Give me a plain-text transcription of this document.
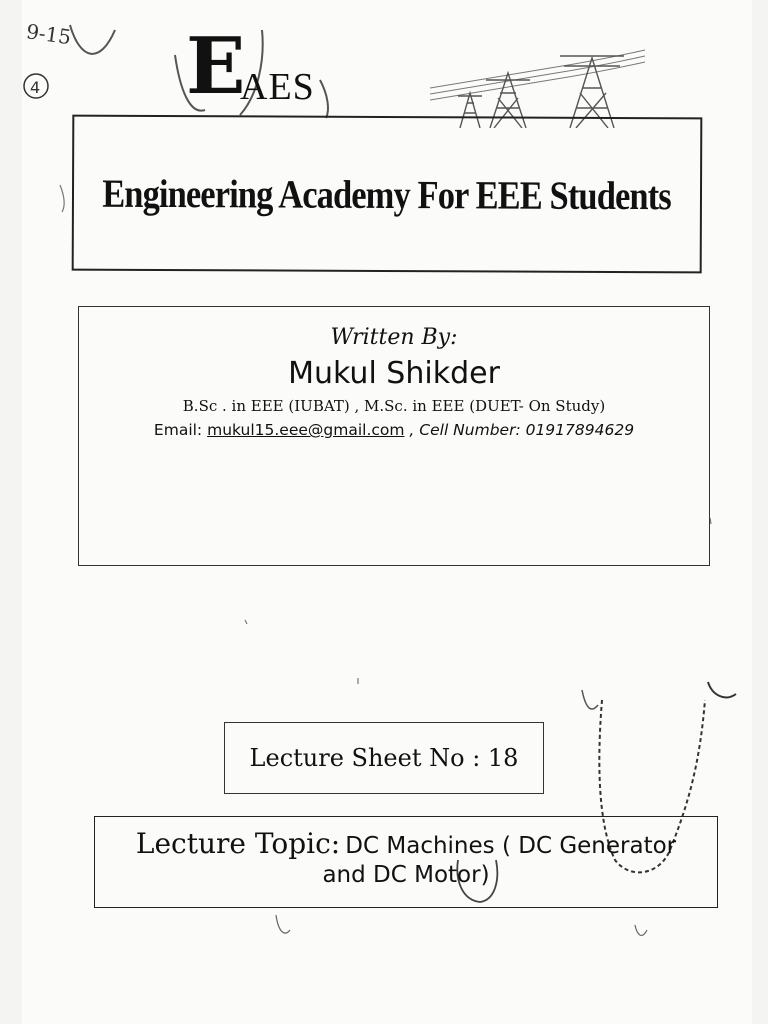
9-15
4 E
AES
Engineering Academy For EEE Students
Written By:
Mukul Shikder
B.Sc . in EEE (IUBAT) , M.Sc. in EEE (DUET- On Study)
Email: mukul15.eee@gmail.com , Cell Number: 01917894629
Lecture Sheet No : 18
Lecture Topic: DC Machines ( DC Generator
and DC Motor)
